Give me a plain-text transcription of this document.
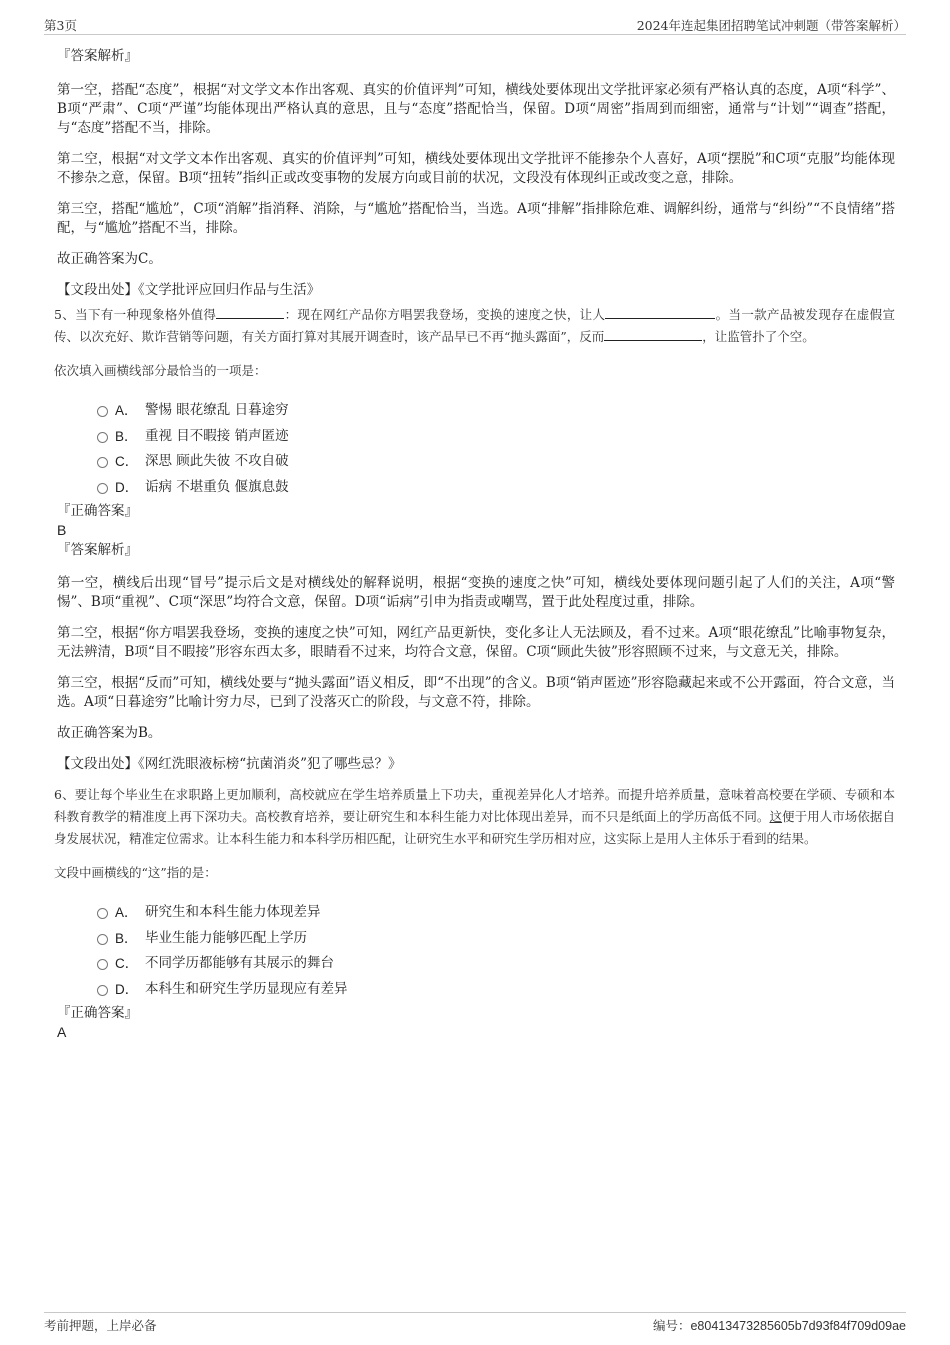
第3页	2024年连起集团招聘笔试冲刺题（带答案解析）

『答案解析』

第一空，搭配“态度”，根据“对文学文本作出客观、真实的价值评判”可知，横线处要体现出文学批评家必须有严格认真的态度，A项“科学”、B项“严肃”、C项“严谨”均能体现出严格认真的意思，且与“态度”搭配恰当，保留。D项“周密”指周到而细密，通常与“计划”“调查”搭配，与“态度”搭配不当，排除。

第二空，根据“对文学文本作出客观、真实的价值评判”可知，横线处要体现出文学批评不能掺杂个人喜好，A项“摆脱”和C项“克服”均能体现不掺杂之意，保留。B项“扭转”指纠正或改变事物的发展方向或目前的状况，文段没有体现纠正或改变之意，排除。

第三空，搭配“尴尬”，C项“消解”指消释、消除，与“尴尬”搭配恰当，当选。A项“排解”指排除危难、调解纠纷，通常与“纠纷”“不良情绪”搭配，与“尴尬”搭配不当，排除。

故正确答案为C。

【文段出处】《文学批评应回归作品与生活》

5、当下有一种现象格外值得	：现在网红产品你方唱罢我登场，变换的速度之快，让人	。当一款产品被发现存在虚假宣传、以次充好、欺诈营销等问题，有关方面打算对其展开调查时，该产品早已不再“抛头露面”，反而	，让监管扑了个空。

依次填入画横线部分最恰当的一项是：

A． 警惕 眼花缭乱 日暮途穷
B． 重视 目不暇接 销声匿迹
C． 深思 顾此失彼 不攻自破
D． 诟病 不堪重负 偃旗息鼓

『正确答案』

B

『答案解析』

第一空，横线后出现“冒号”提示后文是对横线处的解释说明，根据“变换的速度之快”可知，横线处要体现问题引起了人们的关注，A项“警惕”、B项“重视”、C项“深思”均符合文意，保留。D项“诟病”引申为指责或嘲骂，置于此处程度过重，排除。

第二空，根据“你方唱罢我登场，变换的速度之快”可知，网红产品更新快，变化多让人无法顾及，看不过来。A项“眼花缭乱”比喻事物复杂，无法辨清，B项“目不暇接”形容东西太多，眼睛看不过来，均符合文意，保留。C项“顾此失彼”形容照顾不过来，与文意无关，排除。

第三空，根据“反而”可知，横线处要与“抛头露面”语义相反，即“不出现”的含义。B项“销声匿迹”形容隐藏起来或不公开露面，符合文意，当选。A项“日暮途穷”比喻计穷力尽，已到了没落灭亡的阶段，与文意不符，排除。

故正确答案为B。

【文段出处】《网红洗眼液标榜“抗菌消炎”犯了哪些忌？》

6、要让每个毕业生在求职路上更加顺利，高校就应在学生培养质量上下功夫，重视差异化人才培养。而提升培养质量，意味着高校要在学硕、专硕和本科教育教学的精准度上再下深功夫。高校教育培养，要让研究生和本科生能力对比体现出差异，而不只是纸面上的学历高低不同。这便于用人市场依据自身发展状况，精准定位需求。让本科生能力和本科学历相匹配，让研究生水平和研究生学历相对应，这实际上是用人主体乐于看到的结果。

文段中画横线的“这”指的是：

A． 研究生和本科生能力体现差异
B． 毕业生能力能够匹配上学历
C． 不同学历都能够有其展示的舞台
D． 本科生和研究生学历显现应有差异

『正确答案』

A

考前押题，上岸必备	编号：e80413473285605b7d93f84f709d09ae
